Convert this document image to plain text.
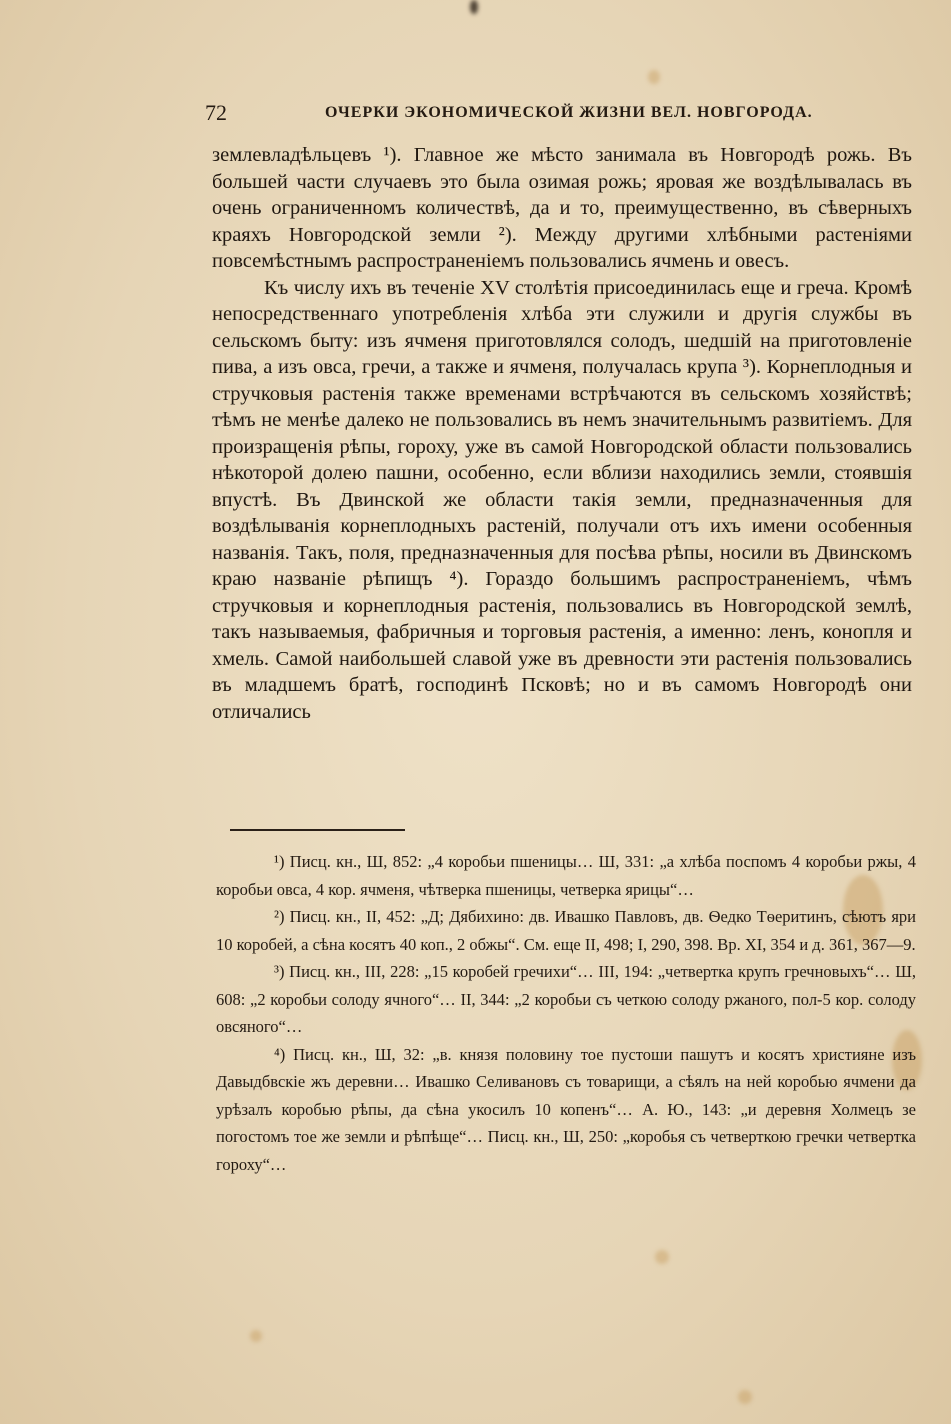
72	ОЧЕРКИ ЭКОНОМИЧЕСКОЙ ЖИЗНИ ВЕЛ. НОВГОРОДА.

землевладѣльцевъ ¹). Главное же мѣсто занимала въ Новгородѣ рожь. Въ большей части случаевъ это была озимая рожь; яровая же воздѣлывалась въ очень ограниченномъ количествѣ, да и то, преимущественно, въ сѣверныхъ краяхъ Новгородской земли ²). Между другими хлѣбными растеніями повсемѣстнымъ распространеніемъ пользовались ячмень и овесъ.

Къ числу ихъ въ теченіе XV столѣтія присоединилась еще и греча. Кромѣ непосредственнаго употребленія хлѣба эти служили и другія службы въ сельскомъ быту: изъ ячменя приготовлялся солодъ, шедшій на приготовленіе пива, а изъ овса, гречи, а также и ячменя, получалась крупа ³). Корнеплодныя и стручковыя растенія также временами встрѣчаются въ сельскомъ хозяйствѣ; тѣмъ не менѣе далеко не пользовались въ немъ значительнымъ развитіемъ. Для произращенія рѣпы, гороху, уже въ самой Новгородской области пользовались нѣкоторой долею пашни, особенно, если вблизи находились земли, стоявшія впустѣ. Въ Двинской же области такія земли, предназначенныя для воздѣлыванія корнеплодныхъ растеній, получали отъ ихъ имени особенныя названія. Такъ, поля, предназначенныя для посѣва рѣпы, носили въ Двинскомъ краю названіе рѣпищъ ⁴). Гораздо большимъ распространеніемъ, чѣмъ стручковыя и корнеплодныя растенія, пользовались въ Новгородской землѣ, такъ называемыя, фабричныя и торговыя растенія, а именно: ленъ, конопля и хмель. Самой наибольшей славой уже въ древности эти растенія пользовались въ младшемъ братѣ, господинѣ Псковѣ; но и въ самомъ Новгородѣ они отличались

¹) Писц. кн., Ш, 852: „4 коробьи пшеницы… Ш, 331: „а хлѣба поспомъ 4 коробьи ржы, 4 коробьи овса, 4 кор. ячменя, чѣтверка пшеницы, четверка ярицы“…

²) Писц. кн., II, 452: „Д; Дябихино: дв. Ивашко Павловъ, дв. Ѳедко Тѳеритинъ, сѣютъ яри 10 коробей, а сѣна косятъ 40 коп., 2 обжы“. См. еще II, 498; I, 290, 398. Вр. XI, 354 и д. 361, 367—9.

³) Писц. кн., III, 228: „15 коробей гречихи“… III, 194: „четвертка крупъ гречновыхъ“… Ш, 608: „2 коробьи солоду ячного“… II, 344: „2 коробьи съ четкою солоду ржаного, пол-5 кор. солоду овсяного“…

⁴) Писц. кн., Ш, 32: „в. князя половину тое пустоши пашутъ и косятъ християне изъ Давыдбвскіе жъ деревни… Ивашко Селивановъ съ товарищи, а сѣялъ на ней коробью ячмени да урѣзалъ коробью рѣпы, да сѣна укосилъ 10 копенъ“… А. Ю., 143: „и деревня Холмецъ зе погостомъ тое же земли и рѣпѣще“… Писц. кн., Ш, 250: „коробья съ четверткою гречки четвертка гороху“…
